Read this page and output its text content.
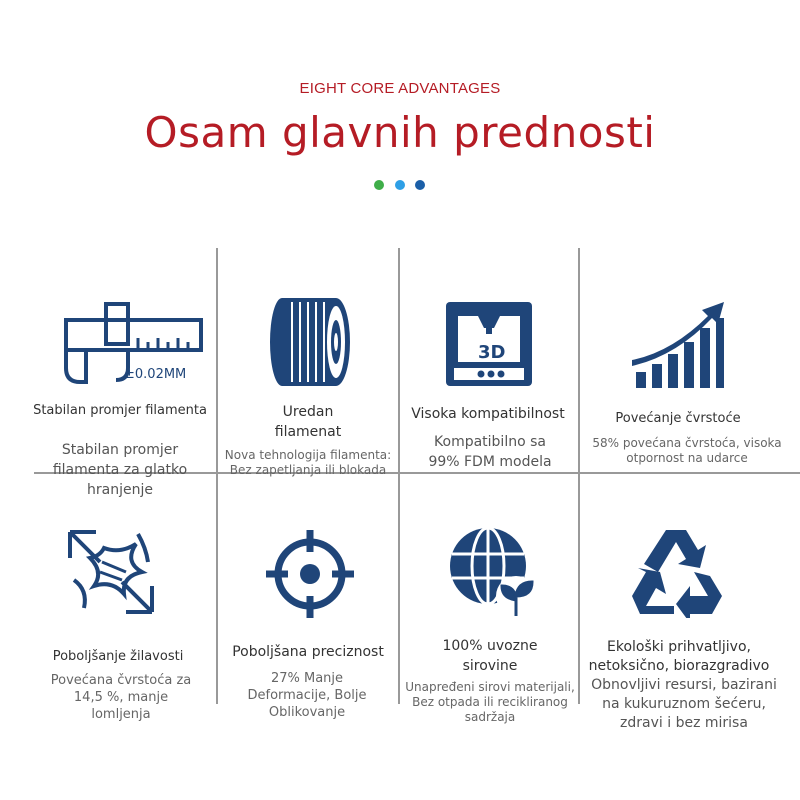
EIGHT CORE ADVANTAGES
Osam glavnih prednosti
±0.02MM
Stabilan promjer filamenta
Stabilan promjer filamenta za glatko hranjenje
Uredan filamenat
Nova tehnologija filamenta: Bez zapetljanja ili blokada
3D
Visoka kompatibilnost
Kompatibilno sa 99% FDM modela
Povećanje čvrstoće
58% povećana čvrstoća, visoka otpornost na udarce
Poboljšanje žilavosti
Povećana čvrstoća za 14,5 %, manje lomljenja
Poboljšana preciznost
27% Manje Deformacije, Bolje Oblikovanje
100% uvozne sirovine
Unapređeni sirovi materijali, Bez otpada ili recikliranog sadržaja
Ekološki prihvatljivo, netoksično, biorazgradivo
Obnovljivi resursi, bazirani na kukuruznom šećeru, zdravi i bez mirisa
